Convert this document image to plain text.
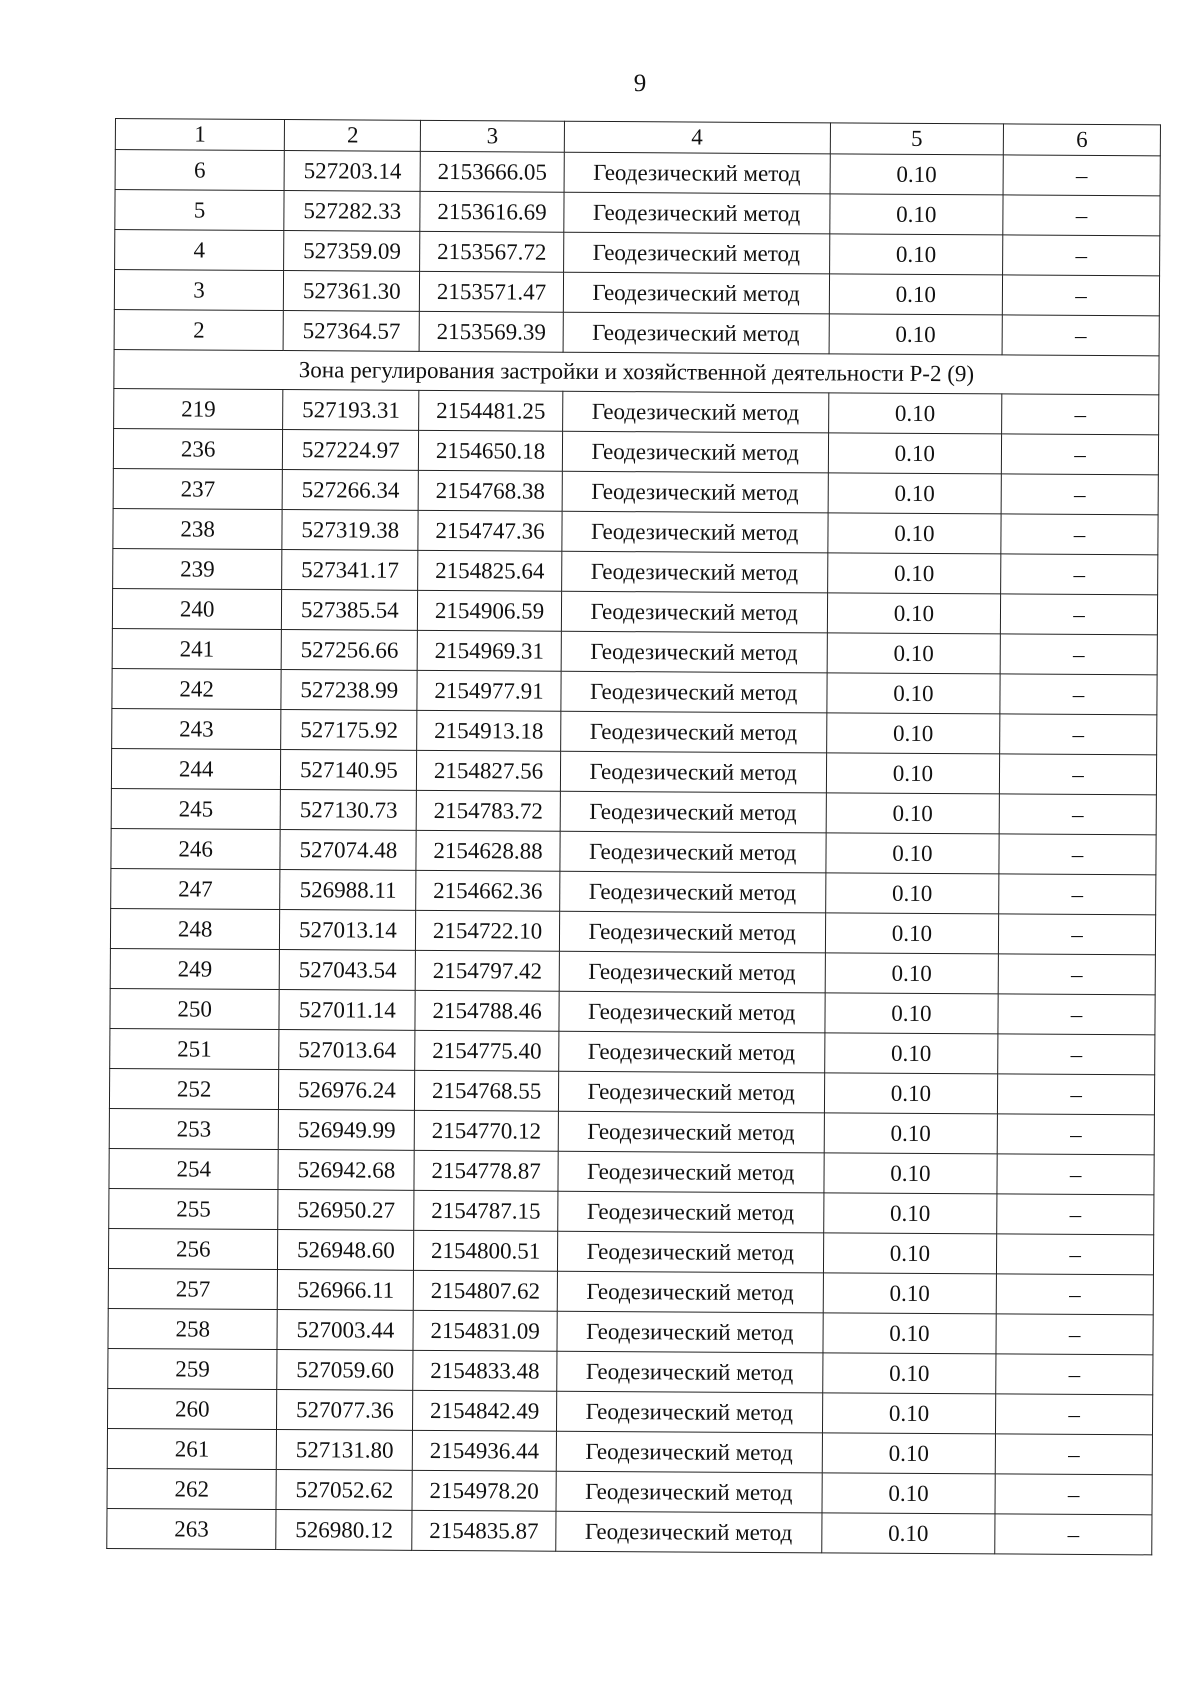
9
1	2	3	4	5	6
6	527203.14	2153666.05	Геодезический метод	0.10	–
5	527282.33	2153616.69	Геодезический метод	0.10	–
4	527359.09	2153567.72	Геодезический метод	0.10	–
3	527361.30	2153571.47	Геодезический метод	0.10	–
2	527364.57	2153569.39	Геодезический метод	0.10	–
Зона регулирования застройки и хозяйственной деятельности Р-2 (9)					
219	527193.31	2154481.25	Геодезический метод	0.10	–
236	527224.97	2154650.18	Геодезический метод	0.10	–
237	527266.34	2154768.38	Геодезический метод	0.10	–
238	527319.38	2154747.36	Геодезический метод	0.10	–
239	527341.17	2154825.64	Геодезический метод	0.10	–
240	527385.54	2154906.59	Геодезический метод	0.10	–
241	527256.66	2154969.31	Геодезический метод	0.10	–
242	527238.99	2154977.91	Геодезический метод	0.10	–
243	527175.92	2154913.18	Геодезический метод	0.10	–
244	527140.95	2154827.56	Геодезический метод	0.10	–
245	527130.73	2154783.72	Геодезический метод	0.10	–
246	527074.48	2154628.88	Геодезический метод	0.10	–
247	526988.11	2154662.36	Геодезический метод	0.10	–
248	527013.14	2154722.10	Геодезический метод	0.10	–
249	527043.54	2154797.42	Геодезический метод	0.10	–
250	527011.14	2154788.46	Геодезический метод	0.10	–
251	527013.64	2154775.40	Геодезический метод	0.10	–
252	526976.24	2154768.55	Геодезический метод	0.10	–
253	526949.99	2154770.12	Геодезический метод	0.10	–
254	526942.68	2154778.87	Геодезический метод	0.10	–
255	526950.27	2154787.15	Геодезический метод	0.10	–
256	526948.60	2154800.51	Геодезический метод	0.10	–
257	526966.11	2154807.62	Геодезический метод	0.10	–
258	527003.44	2154831.09	Геодезический метод	0.10	–
259	527059.60	2154833.48	Геодезический метод	0.10	–
260	527077.36	2154842.49	Геодезический метод	0.10	–
261	527131.80	2154936.44	Геодезический метод	0.10	–
262	527052.62	2154978.20	Геодезический метод	0.10	–
263	526980.12	2154835.87	Геодезический метод	0.10	–
